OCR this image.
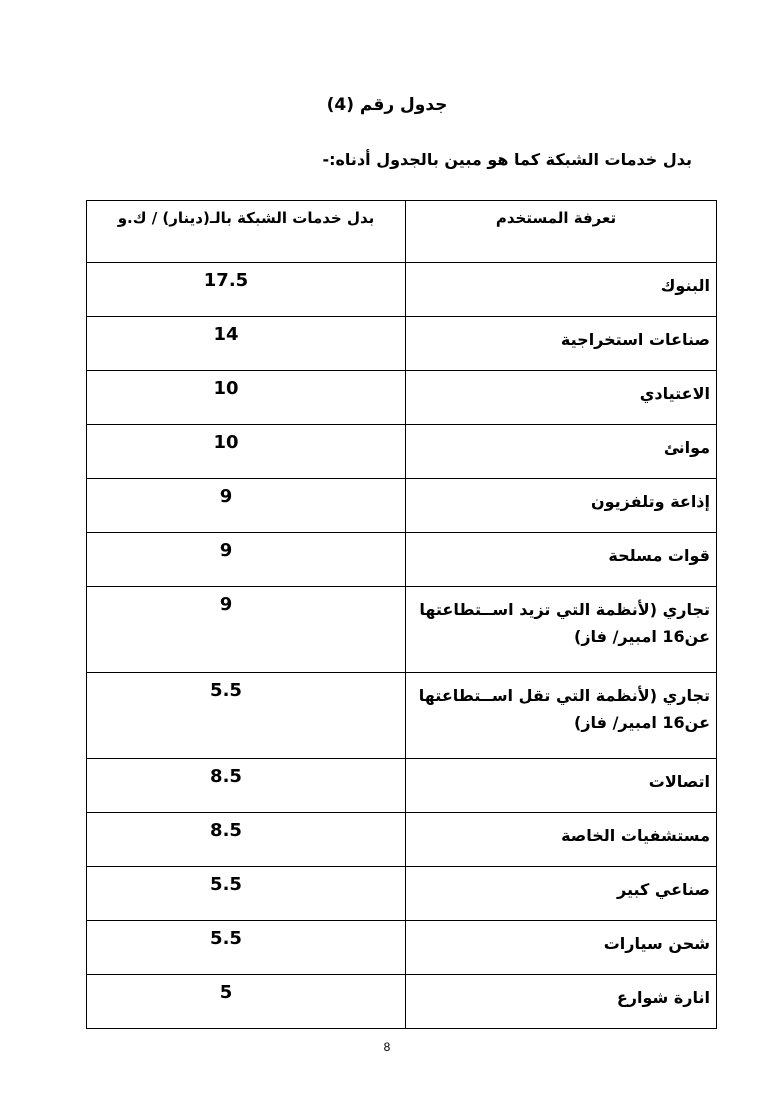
جدول رقم (4)
بدل خدمات الشبكة كما هو مبين بالجدول أدناه:-
تعرفة المستخدم	بدل خدمات الشبكة بالـ(دينار) / ك.و
البنوك	17.5
صناعات استخراجية	14
الاعتيادي	10
موانئ	10
إذاعة وتلفزيون	9
قوات مسلحة	9
تجاري (لأنظمة التي تزيد اســتطاعتها عن16 امبير/ فاز)	9
تجاري (لأنظمة التي تقل اســتطاعتها عن16 امبير/ فاز)	5.5
اتصالات	8.5
مستشفيات الخاصة	8.5
صناعي كبير	5.5
شحن سيارات	5.5
انارة شوارع	5
8
